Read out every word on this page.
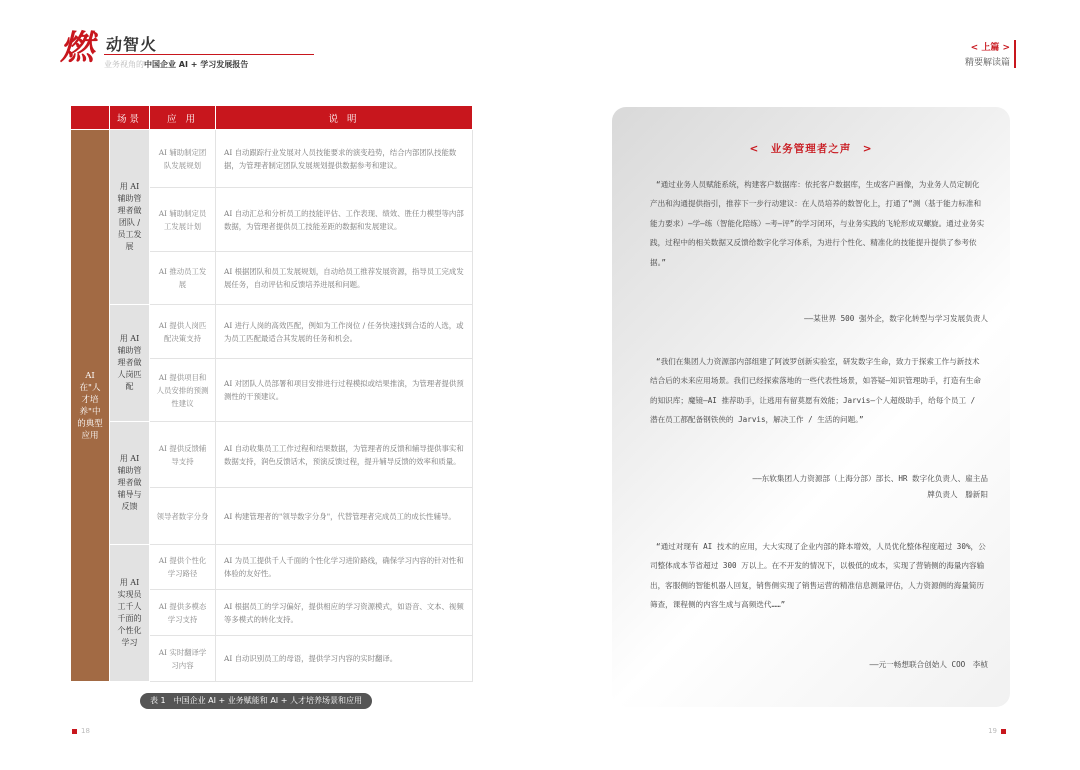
燃 动智火
业务视角的中国企业 AI + 学习发展报告
< 上篇 >
精要解读篇
	场景	应 用	说 明
AI 在"人才培养"中的典型应用	用 AI 辅助管理者做团队 / 员工发展	AI 辅助制定团队发展规划	AI 自动跟踪行业发展对人员技能要求的演变趋势，结合内部团队技能数据，为管理者制定团队发展规划提供数据参考和建议。
		AI 辅助制定员工发展计划	AI 自动汇总和分析员工的技能评估、工作表现、绩效、胜任力模型等内部数据，为管理者提供员工技能差距的数据和发展建议。
		AI 推动员工发展	AI 根据团队和员工发展规划，自动给员工推荐发展资源，指导员工完成发展任务，自动评估和反馈培养进展和问题。
	用 AI 辅助管理者做人岗匹配	AI 提供人岗匹配决策支持	AI 进行人岗的高效匹配，例如为工作岗位 / 任务快速找到合适的人选，或为员工匹配最适合其发展的任务和机会。
		AI 提供项目和人员安排的预测性建议	AI 对团队人员部署和项目安排进行过程模拟或结果推演，为管理者提供预测性的干预建议。
	用 AI 辅助管理者做辅导与反馈	AI 提供反馈辅导支持	AI 自动收集员工工作过程和结果数据，为管理者的反馈和辅导提供事实和数据支持，润色反馈话术，预演反馈过程，提升辅导反馈的效率和质量。
		领导者数字分身	AI 构建管理者的"领导数字分身"，代替管理者完成员工的成长性辅导。
	用 AI 实现员工千人千面的个性化学习	AI 提供个性化学习路径	AI 为员工提供千人千面的个性化学习进阶路线，确保学习内容的针对性和体验的友好性。
		AI 提供多模态学习支持	AI 根据员工的学习偏好，提供相应的学习资源模式，如语音、文本、视频等多模式的转化支持。
		AI 实时翻译学习内容	AI 自动识别员工的母语，提供学习内容的实时翻译。
表 1　中国企业 AI + 业务赋能和 AI + 人才培养场景和应用
18	19
<　业务管理者之声　>
“通过业务人员赋能系统，构建客户数据库：依托客户数据库，生成客户画像，为业务人员定制化产出和沟通提供指引，推荐下一步行动建议：在人员培养的数智化上，打通了“测（基于能力标准和能力要求）—学—练（智能化陪练）—考—评”的学习闭环，与业务实践的飞轮形成双螺旋。通过业务实践，过程中的相关数据又反馈给数字化学习体系，为进行个性化、精准化的技能提升提供了参考依据。”
——某世界 500 强外企，数字化转型与学习发展负责人
“我们在集团人力资源部内部组建了阿波罗创新实验室，研发数字生命，致力于探索工作与新技术结合后的未来应用场景。我们已经探索落地的一些代表性场景，如答疑—知识管理助手，打造有生命的知识库；魔镜—AI 推荐助手，让逃用有留莫愿有效能；Jarvis—个人超级助手，给每个员工 / 潜在员工都配备钢铁侠的 Jarvis，解决工作 / 生活的问题。”
——东软集团人力资源部（上海分部）部长、HR 数字化负责人、雇主品牌负责人　滕新阳
“通过对现有 AI 技术的应用，大大实现了企业内部的降本增效，人员优化整体程度超过 30%，公司整体成本节省超过 300 万以上。在不开发的情况下，以极低的成本，实现了营销侧的海量内容输出，客服侧的智能机器人回复，销售侧实现了销售运营的精准信息测量评估，人力资源侧的海量简历筛查，课程侧的内容生成与高频迭代……”
——元一畅想联合创始人 COO　李桢
